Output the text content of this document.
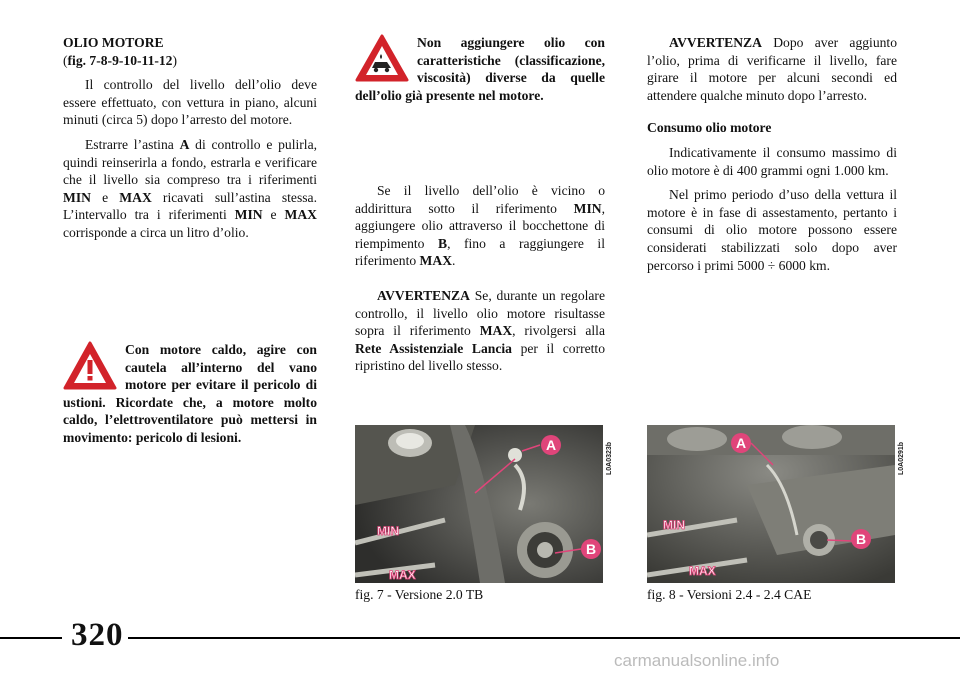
OLIO MOTORE

(fig. 7-8-9-10-11-12)

Il controllo del livello dell’olio deve essere effettuato, con vettura in piano, alcuni minuti (circa 5) dopo l’arresto del motore.

Estrarre l’astina A di controllo e pulirla, quindi reinserirla a fondo, estrarla e verificare che il livello sia compreso tra i riferimenti MIN e MAX ricavati sull’astina stessa. L’intervallo tra i riferimenti MIN e MAX corrisponde a circa un litro d’olio.

Con motore caldo, agire con cautela all’interno del vano motore per evitare il pericolo di ustioni. Ricordate che, a motore molto caldo, l’elettroventilatore può mettersi in movimento: pericolo di lesioni.
Non aggiungere olio con caratteristiche (classificazione, viscosità) diverse da quelle dell’olio già presente nel motore.

Se il livello dell’olio è vicino o addirittura sotto il riferimento MIN, aggiungere olio attraverso il bocchettone di riempimento B, fino a raggiungere il riferimento MAX.

AVVERTENZA Se, durante un regolare controllo, il livello olio motore risultasse sopra il riferimento MAX, rivolgersi alla Rete Assistenziale Lancia per il corretto ripristino del livello stesso.

AVVERTENZA Dopo aver aggiunto l’olio, prima di verificarne il livello, fare girare il motore per alcuni secondi ed attendere qualche minuto dopo l’arresto.

Consumo olio motore

Indicativamente il consumo massimo di olio motore è di 400 grammi ogni 1.000 km.

Nel primo periodo d’uso della vettura il motore è in fase di assestamento, pertanto i consumi di olio motore possono essere considerati stabilizzati solo dopo aver percorso i primi 5000 ÷ 6000 km.

A
B
MIN
MAX
L0A0323b
fig. 7 - Versione 2.0 TB
A
B
MIN
MAX
L0A0291b
fig. 8 - Versioni 2.4 - 2.4 CAE
320
carmanualsonline.info
